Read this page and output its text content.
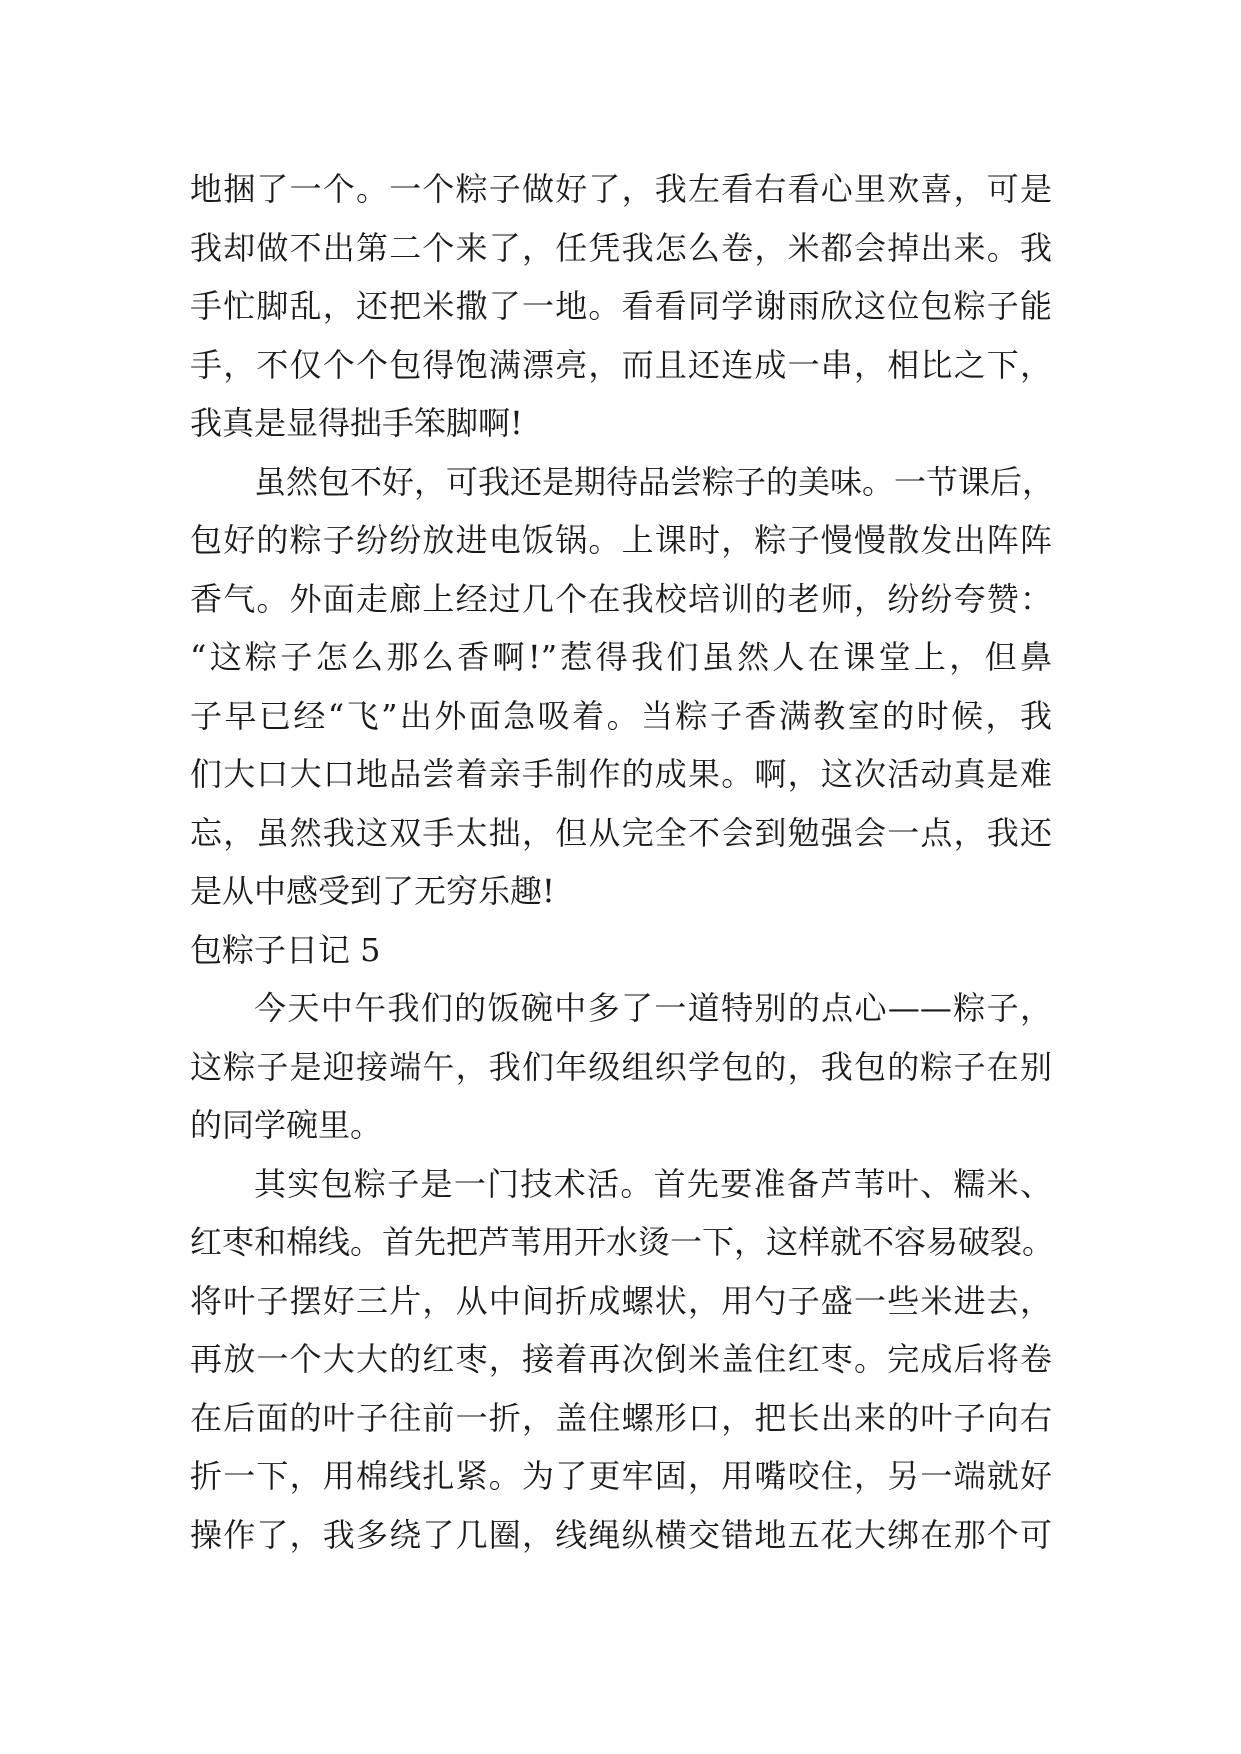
地捆了一个。一个粽子做好了，我左看右看心里欢喜，可是
我却做不出第二个来了，任凭我怎么卷，米都会掉出来。我
手忙脚乱，还把米撒了一地。看看同学谢雨欣这位包粽子能
手，不仅个个包得饱满漂亮，而且还连成一串，相比之下，
我真是显得拙手笨脚啊!
虽然包不好，可我还是期待品尝粽子的美味。一节课后，
包好的粽子纷纷放进电饭锅。上课时，粽子慢慢散发出阵阵
香气。外面走廊上经过几个在我校培训的老师，纷纷夸赞：
“这粽子怎么那么香啊!”惹得我们虽然人在课堂上，但鼻
子早已经“飞”出外面急吸着。当粽子香满教室的时候，我
们大口大口地品尝着亲手制作的成果。啊，这次活动真是难
忘，虽然我这双手太拙，但从完全不会到勉强会一点，我还
是从中感受到了无穷乐趣!
包粽子日记 5
今天中午我们的饭碗中多了一道特别的点心——粽子，
这粽子是迎接端午，我们年级组织学包的，我包的粽子在别
的同学碗里。
其实包粽子是一门技术活。首先要准备芦苇叶、糯米、
红枣和棉线。首先把芦苇用开水烫一下，这样就不容易破裂。
将叶子摆好三片，从中间折成螺状，用勺子盛一些米进去，
再放一个大大的红枣，接着再次倒米盖住红枣。完成后将卷
在后面的叶子往前一折，盖住螺形口，把长出来的叶子向右
折一下，用棉线扎紧。为了更牢固，用嘴咬住，另一端就好
操作了，我多绕了几圈，线绳纵横交错地五花大绑在那个可
